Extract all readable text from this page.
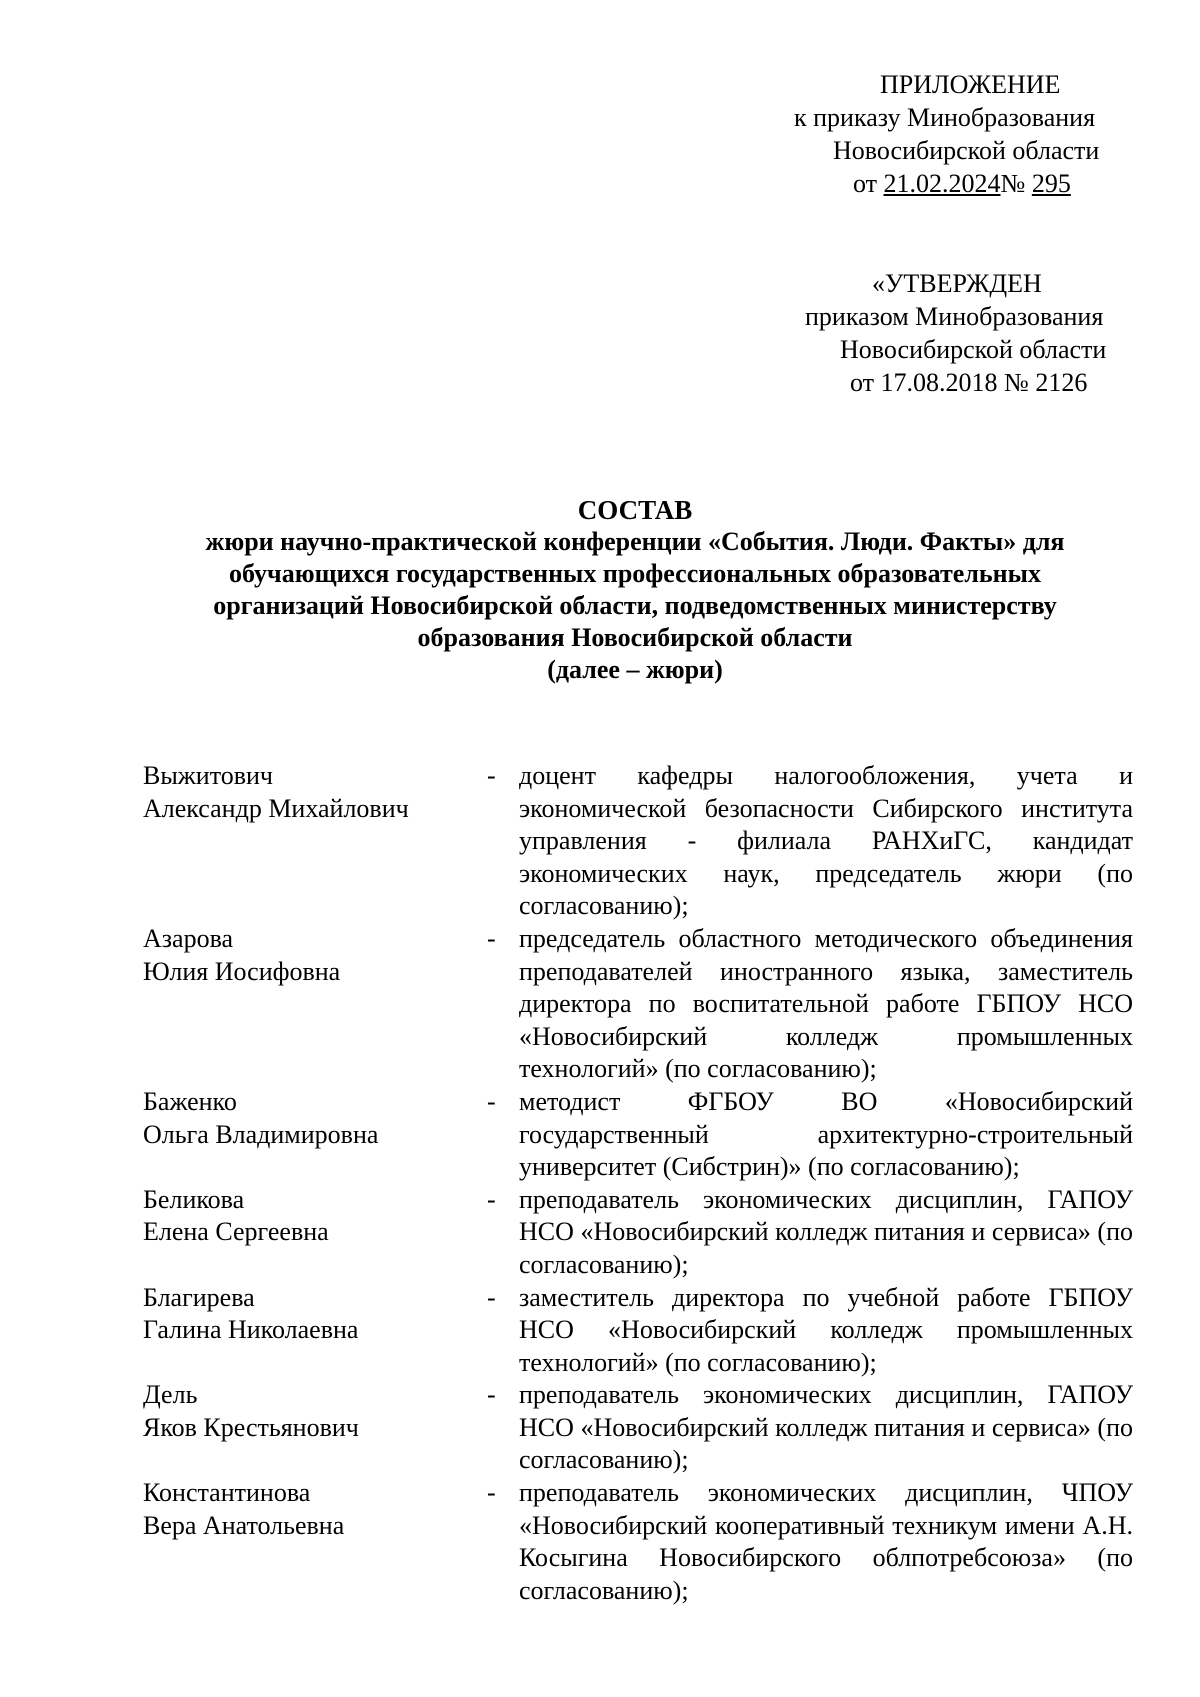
ПРИЛОЖЕНИЕ
к приказу Минобразования
Новосибирской области
от 21.02.2024№ 295
«УТВЕРЖДЕН
приказом Минобразования
Новосибирской области
от 17.08.2018 № 2126
СОСТАВ
жюри научно-практической конференции «События. Люди. Факты» для
обучающихся государственных профессиональных образовательных
организаций Новосибирской области, подведомственных министерству
образования Новосибирской области
(далее – жюри)
Выжитович
Александр Михайлович
- доцент кафедры налогообложения, учета и экономической безопасности Сибирского института управления - филиала РАНХиГС, кандидат экономических наук, председатель жюри (по согласованию);
Азарова
Юлия Иосифовна
- председатель областного методического объединения преподавателей иностранного языка, заместитель директора по воспитательной работе ГБПОУ НСО «Новосибирский колледж промышленных технологий» (по согласованию);
Баженко
Ольга Владимировна
- методист ФГБОУ ВО «Новосибирский государственный архитектурно-строительный университет (Сибстрин)» (по согласованию);
Беликова
Елена Сергеевна
- преподаватель экономических дисциплин, ГАПОУ НСО «Новосибирский колледж питания и сервиса» (по согласованию);
Благирева
Галина Николаевна
- заместитель директора по учебной работе ГБПОУ НСО «Новосибирский колледж промышленных технологий» (по согласованию);
Дель
Яков Крестьянович
- преподаватель экономических дисциплин, ГАПОУ НСО «Новосибирский колледж питания и сервиса» (по согласованию);
Константинова
Вера Анатольевна
- преподаватель экономических дисциплин, ЧПОУ «Новосибирский кооперативный техникум имени А.Н. Косыгина Новосибирского облпотребсоюза» (по согласованию);
